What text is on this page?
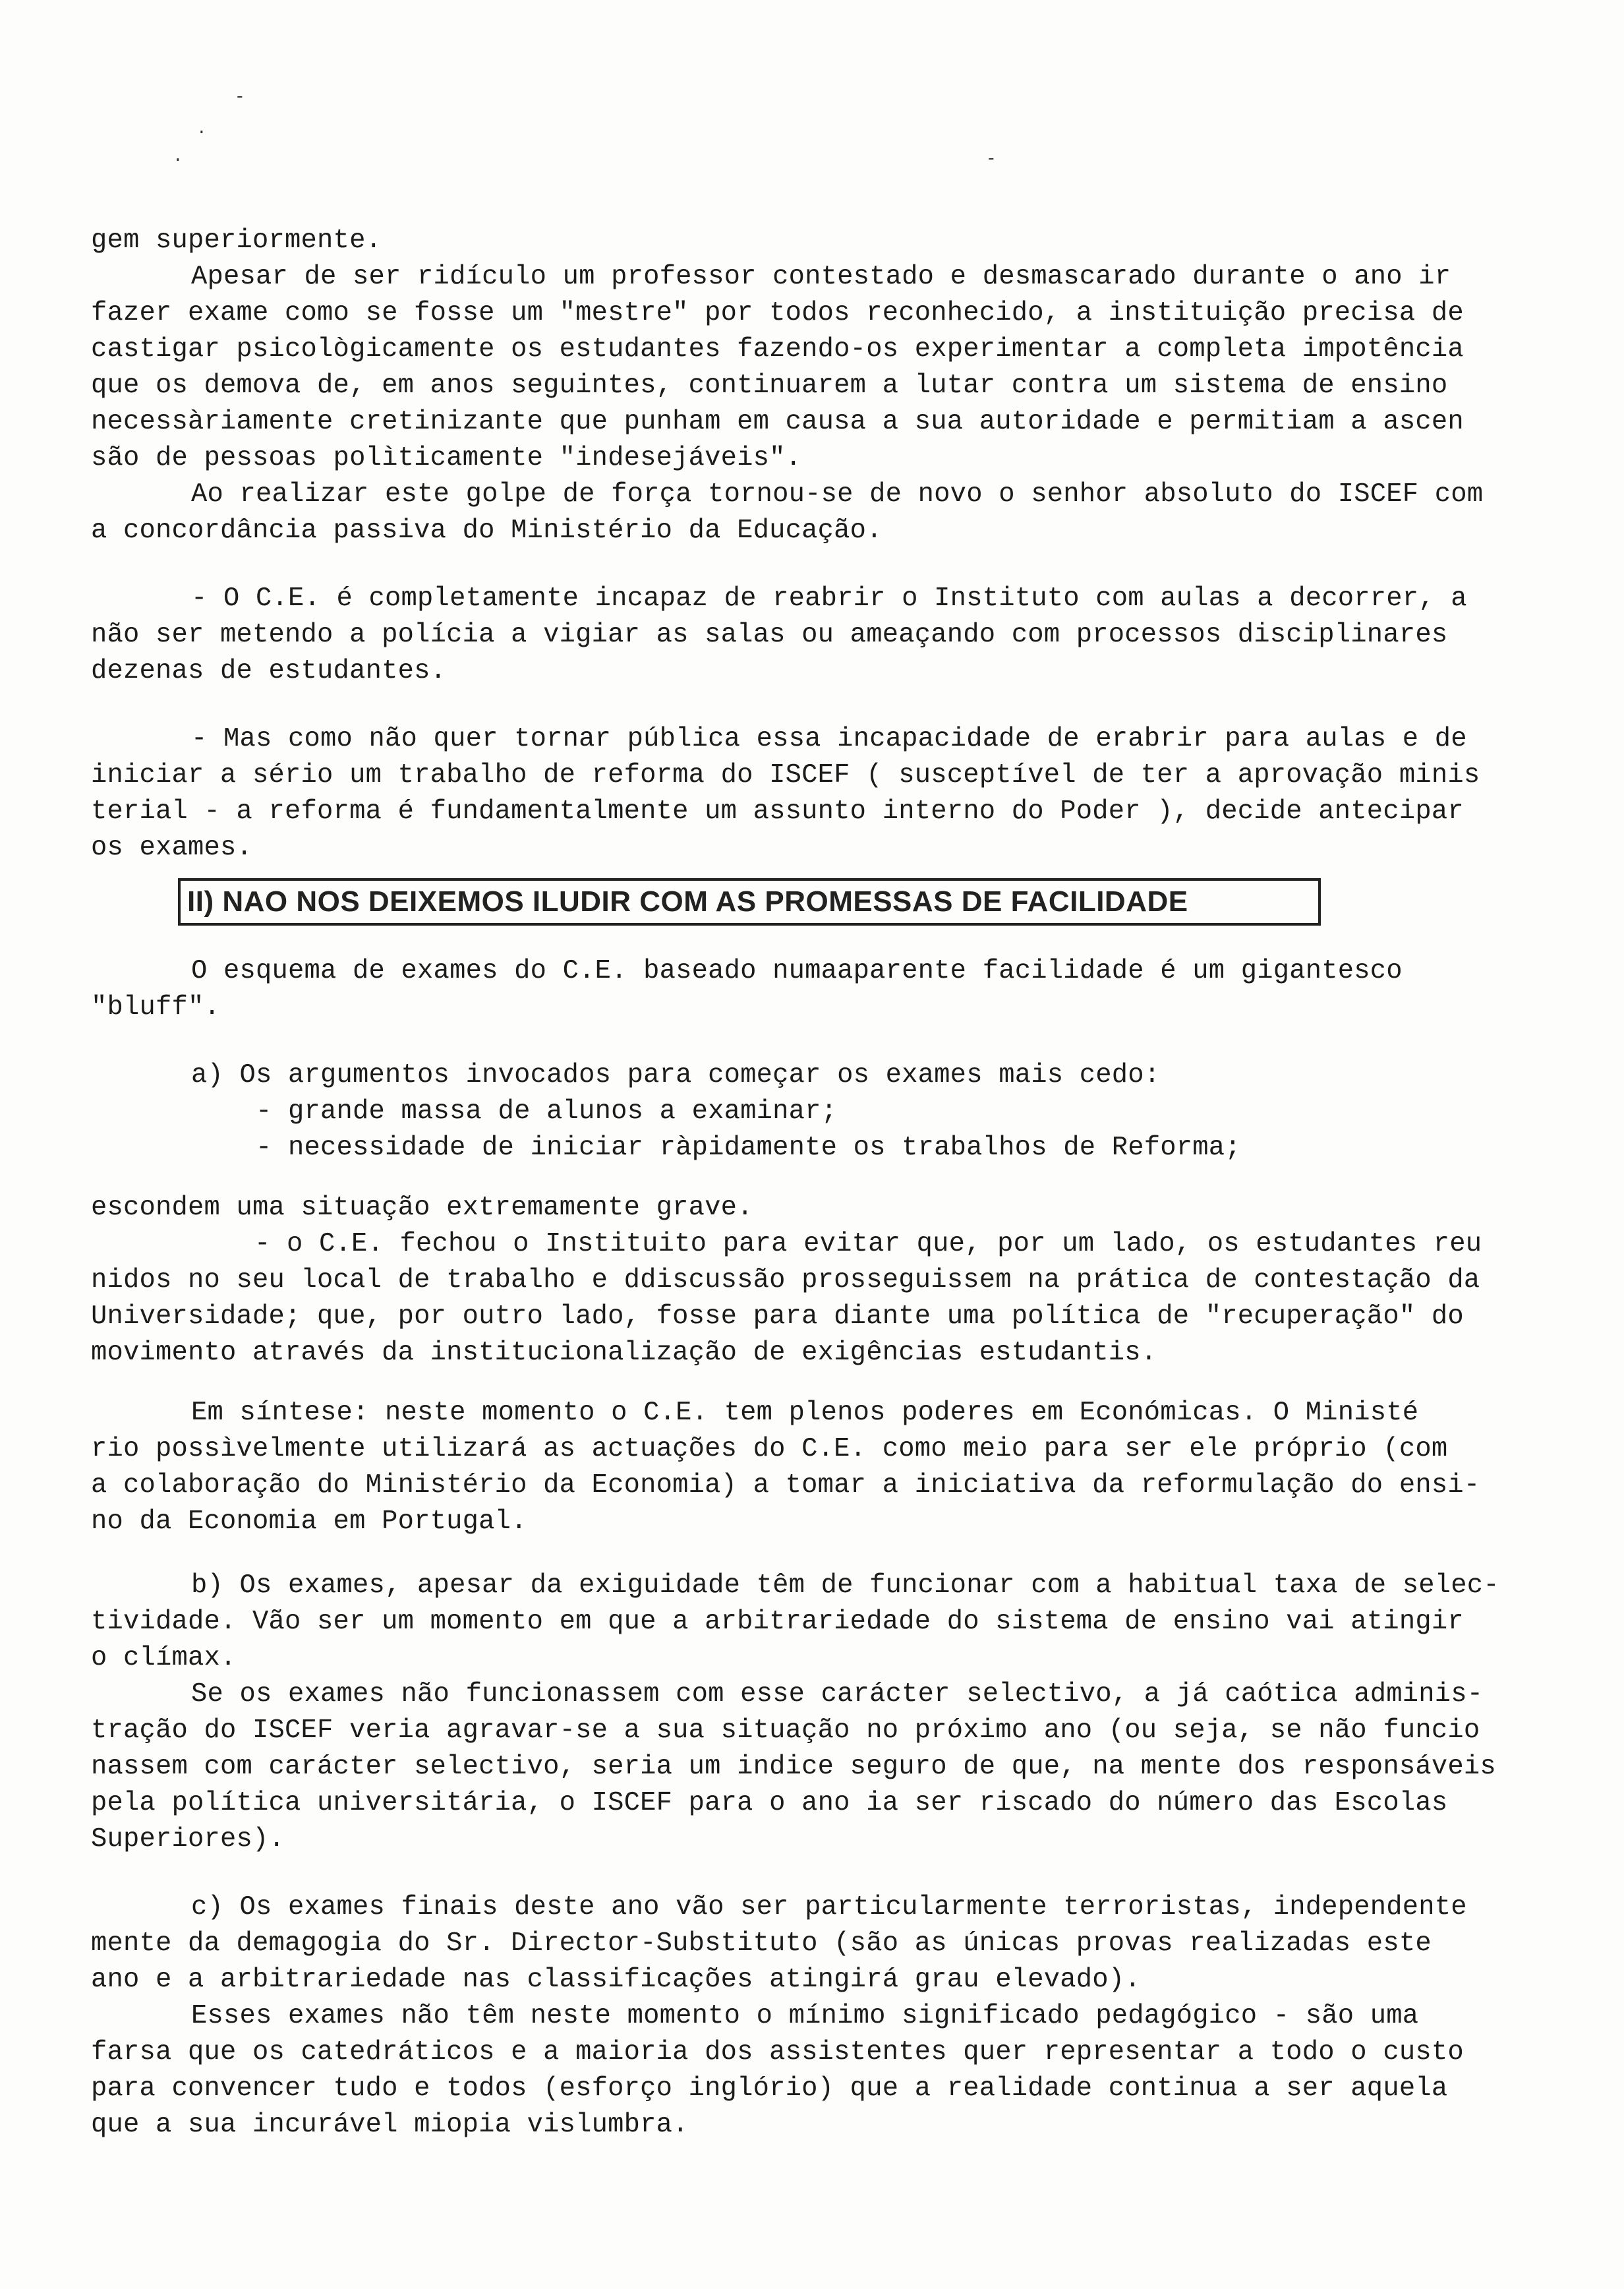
-
.
.	-

gem superiormente.

Apesar de ser ridículo um professor contestado e desmascarado durante o ano ir

fazer exame como se fosse um "mestre" por todos reconhecido, a instituição precisa de

castigar psicològicamente os estudantes fazendo-os experimentar a completa impotência

que os demova de, em anos seguintes, continuarem a lutar contra um sistema de ensino

necessàriamente cretinizante que punham em causa a sua autoridade e permitiam a ascen

são de pessoas polìticamente "indesejáveis".

Ao realizar este golpe de força tornou-se de novo o senhor absoluto do ISCEF com

a concordância passiva do Ministério da Educação.

- O C.E. é completamente incapaz de reabrir o Instituto com aulas a decorrer, a

não ser metendo a polícia a vigiar as salas ou ameaçando com processos disciplinares

dezenas de estudantes.

- Mas como não quer tornar pública essa incapacidade de erabrir para aulas e de

iniciar a sério um trabalho de reforma do ISCEF ( susceptível de ter a aprovação minis

terial - a reforma é fundamentalmente um assunto interno do Poder ), decide antecipar

os exames.

II) NAO NOS DEIXEMOS ILUDIR COM AS PROMESSAS DE FACILIDADE

O esquema de exames do C.E. baseado numaaparente facilidade é um gigantesco

"bluff".

a) Os argumentos invocados para começar os exames mais cedo:

- grande massa de alunos a examinar;

- necessidade de iniciar ràpidamente os trabalhos de Reforma;

escondem uma situação extremamente grave.

- o C.E. fechou o Instituito para evitar que, por um lado, os estudantes reu

nidos no seu local de trabalho e ddiscussão prosseguissem na prática de contestação da

Universidade; que, por outro lado, fosse para diante uma política de "recuperação" do

movimento através da institucionalização de exigências estudantis.

Em síntese: neste momento o C.E. tem plenos poderes em Económicas. O Ministé

rio possìvelmente utilizará as actuações do C.E. como meio para ser ele próprio (com

a colaboração do Ministério da Economia) a tomar a iniciativa da reformulação do ensi-

no da Economia em Portugal.

b) Os exames, apesar da exiguidade têm de funcionar com a habitual taxa de selec-

tividade. Vão ser um momento em que a arbitrariedade do sistema de ensino vai atingir

o clímax.

Se os exames não funcionassem com esse carácter selectivo, a já caótica adminis-

tração do ISCEF veria agravar-se a sua situação no próximo ano (ou seja, se não funcio

nassem com carácter selectivo, seria um indice seguro de que, na mente dos responsáveis

pela política universitária, o ISCEF para o ano ia ser riscado do número das Escolas

Superiores).

c) Os exames finais deste ano vão ser particularmente terroristas, independente

mente da demagogia do Sr. Director-Substituto (são as únicas provas realizadas este

ano e a arbitrariedade nas classificações atingirá grau elevado).

Esses exames não têm neste momento o mínimo significado pedagógico - são uma

farsa que os catedráticos e a maioria dos assistentes quer representar a todo o custo

para convencer tudo e todos (esforço inglório) que a realidade continua a ser aquela

que a sua incurável miopia vislumbra.
